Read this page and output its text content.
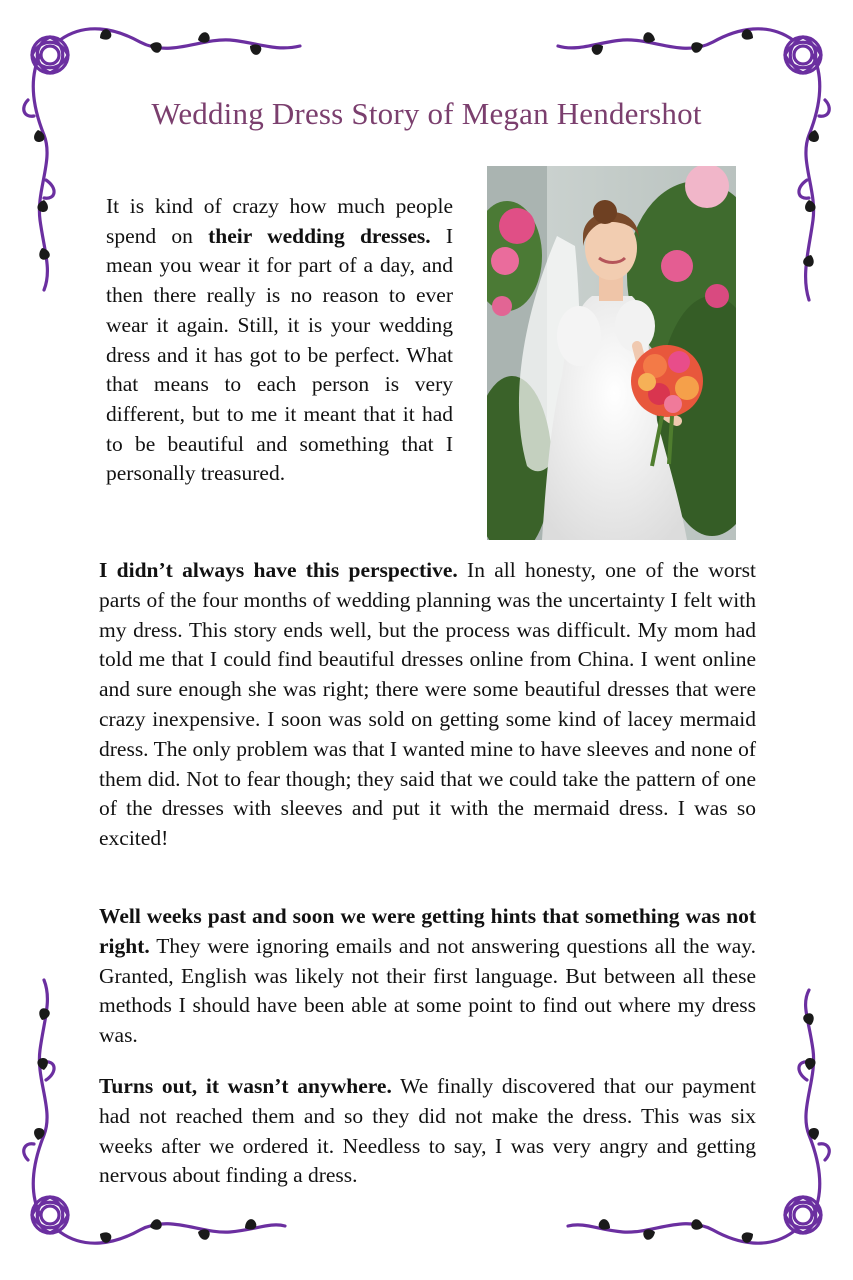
Wedding Dress Story of Megan Hendershot

It is kind of crazy how much people spend on their wedding dresses. I mean you wear it for part of a day, and then there really is no reason to ever wear it again. Still, it is your wedding dress and it has got to be perfect. What that means to each person is very different, but to me it meant that it had to be beautiful and something that I personally treasured.

I didn’t always have this perspective. In all honesty, one of the worst parts of the four months of wedding planning was the uncertainty I felt with my dress. This story ends well, but the process was difficult. My mom had told me that I could find beautiful dresses online from China. I went online and sure enough she was right; there were some beautiful dresses that were crazy inexpensive. I soon was sold on getting some kind of lacey mermaid dress. The only problem was that I wanted mine to have sleeves and none of them did. Not to fear though; they said that we could take the pattern of one of the dresses with sleeves and put it with the mermaid dress. I was so excited!

Well weeks past and soon we were getting hints that something was not right. They were ignoring emails and not answering questions all the way. Granted, English was likely not their first language. But between all these methods I should have been able at some point to find out where my dress was.

Turns out, it wasn’t anywhere. We finally discovered that our payment had not reached them and so they did not make the dress. This was six weeks after we ordered it. Needless to say, I was very angry and getting nervous about finding a dress.
